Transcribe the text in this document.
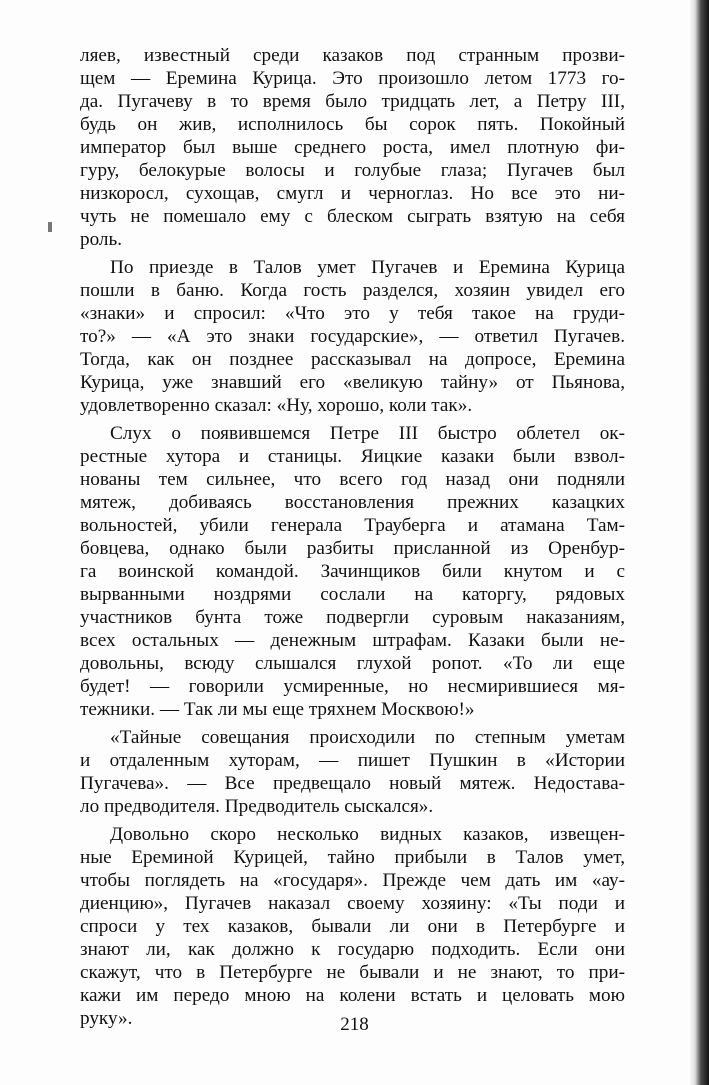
ляев, известный среди казаков под странным прозви-
щем — Еремина Курица. Это произошло летом 1773 го-
да. Пугачеву в то время было тридцать лет, а Петру III,
будь он жив, исполнилось бы сорок пять. Покойный
император был выше среднего роста, имел плотную фи-
гуру, белокурые волосы и голубые глаза; Пугачев был
низкоросл, сухощав, смугл и черноглаз. Но все это ни-
чуть не помешало ему с блеском сыграть взятую на себя
роль.
По приезде в Талов умет Пугачев и Еремина Курица
пошли в баню. Когда гость разделся, хозяин увидел его
«знаки» и спросил: «Что это у тебя такое на груди-
то?» — «А это знаки государские», — ответил Пугачев.
Тогда, как он позднее рассказывал на допросе, Еремина
Курица, уже знавший его «великую тайну» от Пьянова,
удовлетворенно сказал: «Ну, хорошо, коли так».
Слух о появившемся Петре III быстро облетел ок-
рестные хутора и станицы. Яицкие казаки были взвол-
нованы тем сильнее, что всего год назад они подняли
мятеж, добиваясь восстановления прежних казацких
вольностей, убили генерала Трауберга и атамана Там-
бовцева, однако были разбиты присланной из Оренбур-
га воинской командой. Зачинщиков били кнутом и с
вырванными ноздрями сослали на каторгу, рядовых
участников бунта тоже подвергли суровым наказаниям,
всех остальных — денежным штрафам. Казаки были не-
довольны, всюду слышался глухой ропот. «То ли еще
будет! — говорили усмиренные, но несмирившиеся мя-
тежники. — Так ли мы еще тряхнем Москвою!»
«Тайные совещания происходили по степным уметам
и отдаленным хуторам, — пишет Пушкин в «Истории
Пугачева». — Все предвещало новый мятеж. Недостава-
ло предводителя. Предводитель сыскался».
Довольно скоро несколько видных казаков, извещен-
ные Ереминой Курицей, тайно прибыли в Талов умет,
чтобы поглядеть на «государя». Прежде чем дать им «ау-
диенцию», Пугачев наказал своему хозяину: «Ты поди и
спроси у тех казаков, бывали ли они в Петербурге и
знают ли, как должно к государю подходить. Если они
скажут, что в Петербурге не бывали и не знают, то при-
кажи им передо мною на колени встать и целовать мою
руку».	218
